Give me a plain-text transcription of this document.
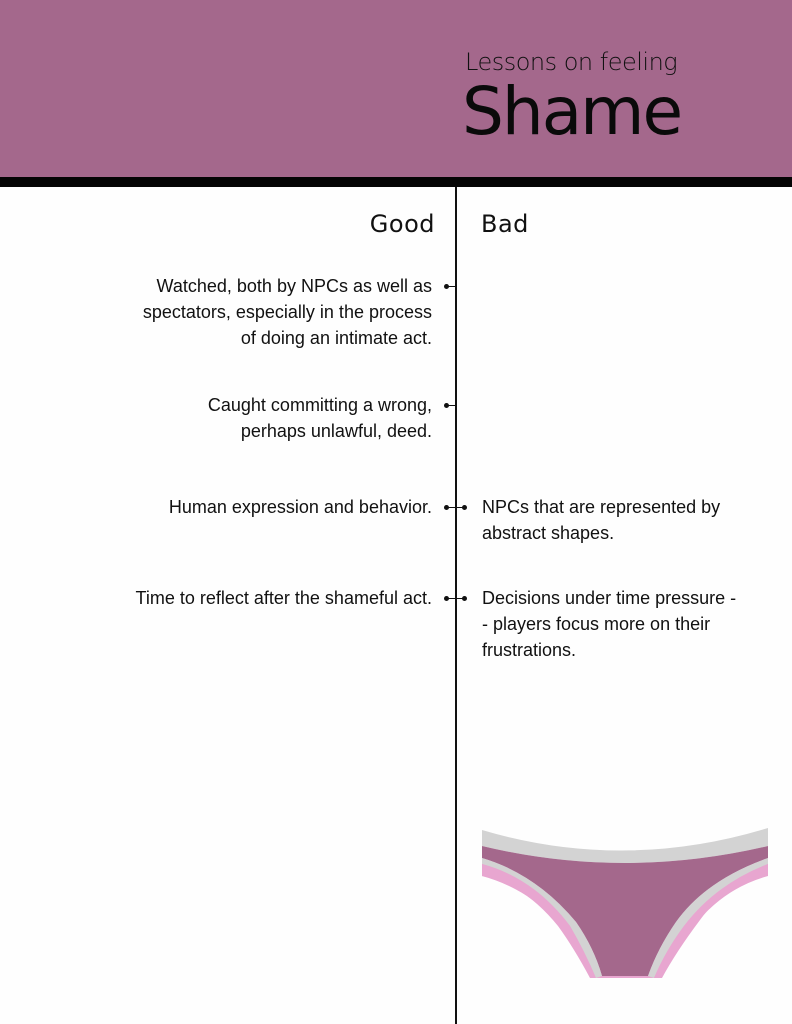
Lessons on feeling
Shame
Good Bad
Watched, both by NPCs as well as spectators, especially in the process of doing an intimate act.
Caught committing a wrong, perhaps unlawful, deed.
Human expression and behavior.	NPCs that are represented by abstract shapes.
Time to reflect after the shameful act.	Decisions under time pressure -- players focus more on their frustrations.
